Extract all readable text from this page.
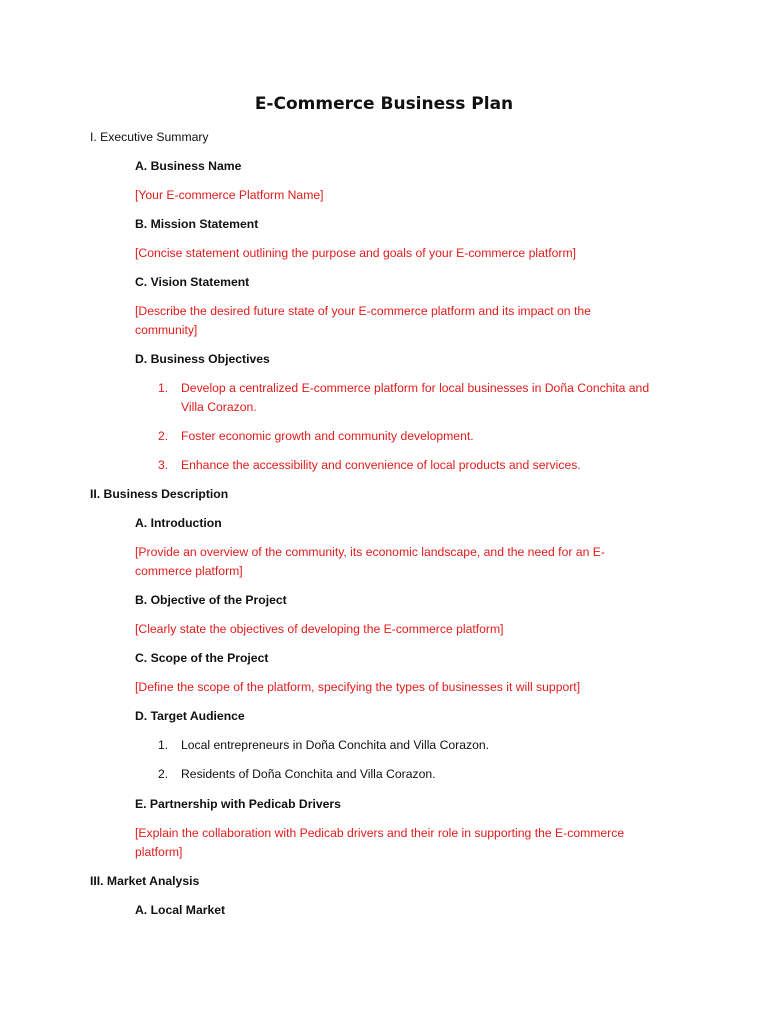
E-Commerce Business Plan
I. Executive Summary
A. Business Name
[Your E-commerce Platform Name]
B. Mission Statement
[Concise statement outlining the purpose and goals of your E-commerce platform]
C. Vision Statement
[Describe the desired future state of your E-commerce platform and its impact on the
community]
D. Business Objectives
1. Develop a centralized E-commerce platform for local businesses in Doña Conchita and
Villa Corazon.
2. Foster economic growth and community development.
3. Enhance the accessibility and convenience of local products and services.
II. Business Description
A. Introduction
[Provide an overview of the community, its economic landscape, and the need for an E-
commerce platform]
B. Objective of the Project
[Clearly state the objectives of developing the E-commerce platform]
C. Scope of the Project
[Define the scope of the platform, specifying the types of businesses it will support]
D. Target Audience
1. Local entrepreneurs in Doña Conchita and Villa Corazon.
2. Residents of Doña Conchita and Villa Corazon.
E. Partnership with Pedicab Drivers
[Explain the collaboration with Pedicab drivers and their role in supporting the E-commerce
platform]
III. Market Analysis
A. Local Market
